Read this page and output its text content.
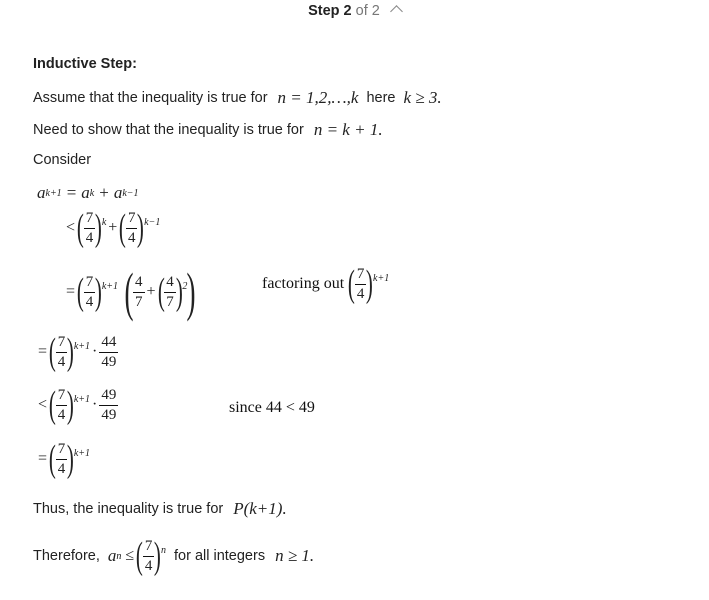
Step 2 of 2
Inductive Step:
Assume that the inequality is true for n = 1,2,…,k here k ≥ 3.
Need to show that the inequality is true for n = k + 1.
Consider
a k+1 = a k + a k−1
< ( $\frac{7}{4}$ ) k + ( $\frac{7}{4}$ ) k−1
= ( $\frac{7}{4}$ ) k+1 ( $\frac{4}{7}$ + ( $\frac{4}{7}$ ) 2 )	factoring out ( $\frac{7}{4}$ ) k+1
= ( $\frac{7}{4}$ ) $k+1 \cdot \frac{44}{49}$
< ( $\frac{7}{4}$ ) $k+1 \cdot \frac{49}{49}$	since 44 < 49
= ( $\frac{7}{4}$ ) k+1
Thus, the inequality is true for P(k+1).
Therefore, a n ≤ ( $\frac{7}{4}$ ) n for all integers n ≥ 1.
